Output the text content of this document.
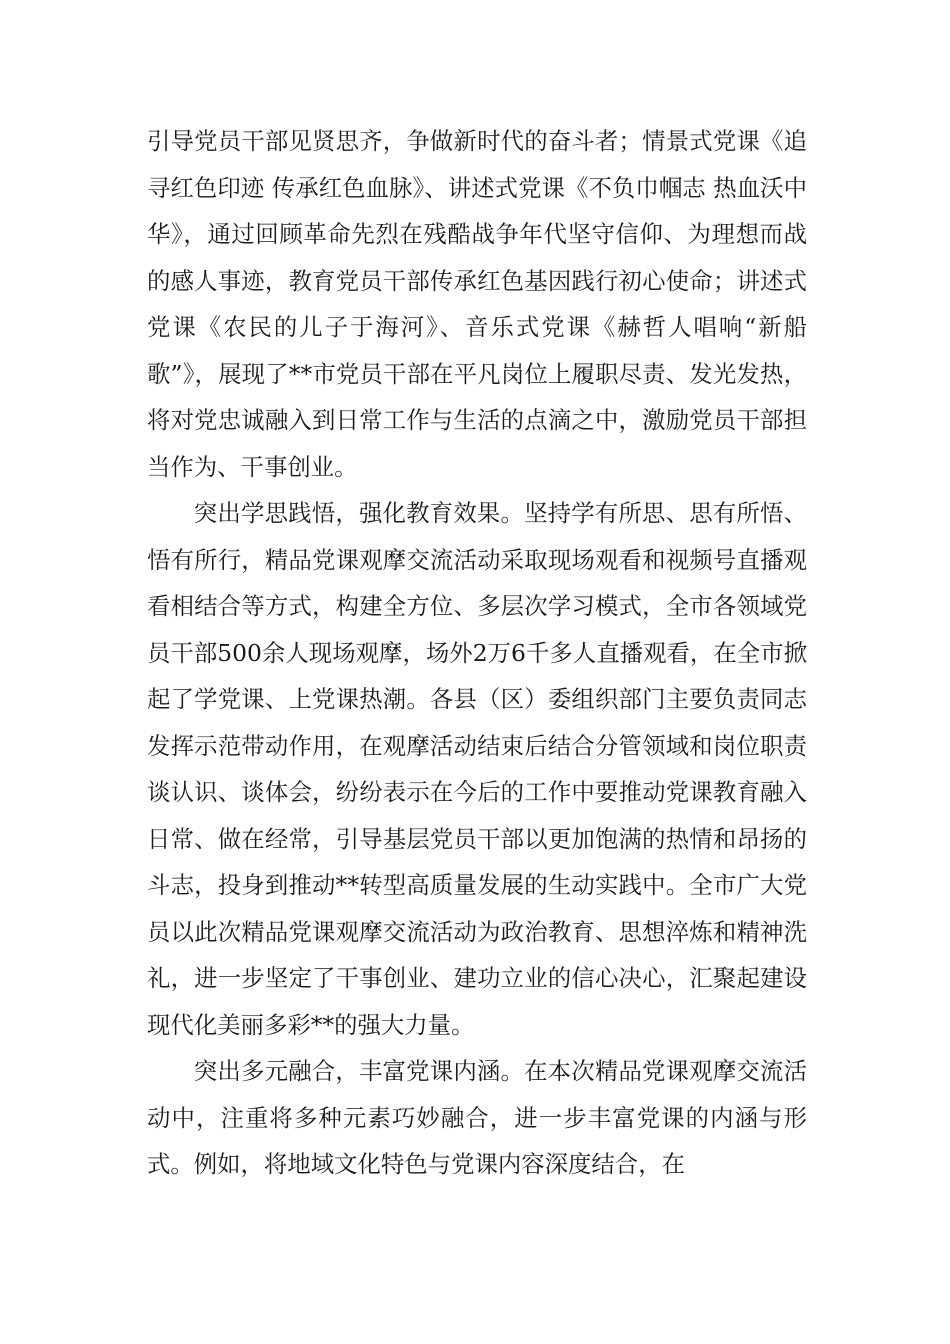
引导党员干部见贤思齐，争做新时代的奋斗者；情景式党课《追寻红色印迹 传承红色血脉》、讲述式党课《不负巾帼志 热血沃中华》，通过回顾革命先烈在残酷战争年代坚守信仰、为理想而战的感人事迹，教育党员干部传承红色基因践行初心使命；讲述式党课《农民的儿子于海河》、音乐式党课《赫哲人唱响“新船歌”》，展现了**市党员干部在平凡岗位上履职尽责、发光发热，将对党忠诚融入到日常工作与生活的点滴之中，激励党员干部担当作为、干事创业。

突出学思践悟，强化教育效果。坚持学有所思、思有所悟、悟有所行，精品党课观摩交流活动采取现场观看和视频号直播观看相结合等方式，构建全方位、多层次学习模式，全市各领域党员干部500余人现场观摩，场外2万6千多人直播观看，在全市掀起了学党课、上党课热潮。各县（区）委组织部门主要负责同志发挥示范带动作用，在观摩活动结束后结合分管领域和岗位职责谈认识、谈体会，纷纷表示在今后的工作中要推动党课教育融入日常、做在经常，引导基层党员干部以更加饱满的热情和昂扬的斗志，投身到推动**转型高质量发展的生动实践中。全市广大党员以此次精品党课观摩交流活动为政治教育、思想淬炼和精神洗礼，进一步坚定了干事创业、建功立业的信心决心，汇聚起建设现代化美丽多彩**的强大力量。

突出多元融合，丰富党课内涵。在本次精品党课观摩交流活动中，注重将多种元素巧妙融合，进一步丰富党课的内涵与形式。例如，将地域文化特色与党课内容深度结合，在
